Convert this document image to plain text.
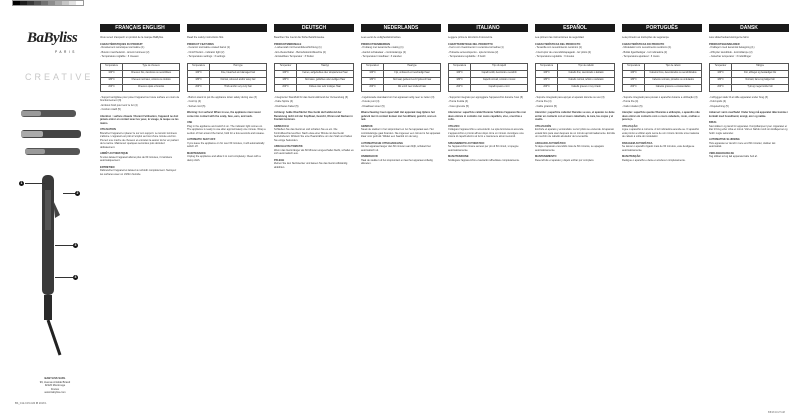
BaByliss
PARIS
CREATIVE
1
2
3
4
BABYLISS SARL
99, Avenue Aristide Briand
92120 Montrouge
France
www.babyliss.com
FRANÇAIS ENGLISH

Vous venez d'acquérir un produit de la marque BaByliss.

CARACTÉRISTIQUES DU PRODUIT

- Revêtement céramique tourmaline (1)

- Bouton marche/arrêt - témoin lumineux (2)

- Température réglable : 3 niveaux

Température	Type de cheveux
160°C	Cheveux fins, décolorés ou sensibilisés
180°C	Cheveux normaux, colorés ou ondulés
200°C	Cheveux épais et bouclés

- Support antiglisse pour poser l'appareil sur toute surface en cours de fonctionnement (3)

- Embout froid pour tenir le fer (4)

- Cordon rotatif (5)

Attention : surface chaude ! Durant l'utilisation, l'appareil ne doit jamais entrer en contact avec les yeux, le visage, la nuque ou les mains.

UTILISATION

Branchez l'appareil et placez le sur son support. Le témoin lumineux s'allume. L'appareil est prêt à l'emploi au bout d'une minute environ. Prenez une mèche de cheveux et enroulez-la autour du fer en partant de la racine. Maintenez quelques secondes puis déroulez délicatement.

ARRÊT AUTOMATIQUE

Si vous laissez l'appareil allumé plus de 60 minutes, il s'arrêtera automatiquement.

ENTRETIEN

Débranchez l'appareil et laissez-le refroidir complètement. Nettoyez les surfaces avec un chiffon humide.

Read the safety instructions first.

PRODUCT FEATURES

- Ceramic tourmaline coated barrel (1)

- On/off button - indicator light (2)

- Temperature settings : 3 settings

Temperature	Hair type
160°C	Fine, bleached and damaged hair
180°C	Normal, coloured and/or wavy hair
200°C	Thick and/or very curly hair

- Built-in stand to put the appliance down safely during use (3)

- Cool tip (4)

- Swivel cord (5)

Warning: hot surface! When in use, the appliance must never come into contact with the scalp, face, ears, and neck.

USE

Plug in the appliance and switch it on. The indicator light comes on. The appliance is ready to use after approximately one minute. Wrap a section of hair around the barrel, hold for a few seconds and release.

AUTOMATIC SHUT-OFF

If you leave the appliance on for over 60 minutes, it will automatically switch off.

MAINTENANCE

Unplug the appliance and allow it to cool completely. Clean with a damp cloth.

DEUTSCH

Beachten Sie zuerst die Sicherheitshinweise.

PRODUKTMERKMALE

- Lockenstab mit Keramikbeschichtung (1)

- Ein-/Ausschalter - Betriebskontrollleuchte (2)

- Einstellbare Temperatur : 3 Stufen

Temperatur	Haartyp
160°C	Feines, aufgehelltes oder strapaziertes Haar
180°C	Normales, gefärbtes oder welliges Haar
200°C	Dickes oder sehr lockiges Haar

- Integrierter Standfuß für das Gerät während der Verwendung (3)

- Kalte Spitze (4)

- Drehbares Kabel (5)

Achtung: heiße Oberfläche! Das Gerät darf während der Benutzung nicht mit der Kopfhaut, Gesicht, Ohren und Nacken in Kontakt kommen.

GEBRAUCH

Schließen Sie das Gerät an und schalten Sie es ein. Die Kontrollleuchte leuchtet. Nach etwa einer Minute ist das Gerät betriebsbereit. Wickeln Sie eine Haarsträhne um den Stab und halten Sie einige Sekunden.

ABSCHALTAUTOMATIK

Wenn das Gerät länger als 60 Minuten eingeschaltet bleibt, schaltet es sich automatisch aus.

PFLEGE

Ziehen Sie den Netzstecker und lassen Sie das Gerät vollständig abkühlen.

NEDERLANDS

Lees eerst de veiligheidsinstructies.

PRODUCTKENMERKEN

- Krultang met keramische coating (1)

- Aan/uit schakelaar - controlelampje (2)

- Temperatuur instelbaar : 3 standen

Temperatuur	Haartype
160°C	Fijn, ontkleurd en beschadigd haar
180°C	Normaal, gekleurd en/of golvend haar
200°C	Dik en/of zeer krullend haar

- Ingebouwde standaard om het apparaat veilig neer te zetten (3)

- Koude punt (4)

- Draaibaar snoer (5)

Waarschuwing: heet oppervlak! Het apparaat mag tijdens het gebruik niet in contact komen met hoofdhuid, gezicht, oren en nek.

GEBRUIK

Steek de stekker in het stopcontact en zet het apparaat aan. Het controlelampje gaat branden. Na ongeveer een minuut is het apparaat klaar voor gebruik. Wikkel een haarlok om de tang.

AUTOMATISCHE UITSCHAKELING

Als het apparaat langer dan 60 minuten aan blijft, schakelt het automatisch uit.

ONDERHOUD

Haal de stekker uit het stopcontact en laat het apparaat volledig afkoelen.

ITALIANO

Leggere prima le istruzioni di sicurezza.

CARATTERISTICHE DEL PRODOTTO

- Ferro con rivestimento in ceramica tormalina (1)

- Pulsante acceso/spento - spia luminosa (2)

- Temperatura regolabile : 3 livelli

Temperatura	Tipo di capelli
160°C	Capelli sottili, decolorati e sensibili
180°C	Capelli normali, colorati o mossi
200°C	Capelli spessi e ricci

- Supporto integrato per appoggiare l'apparecchio durante l'uso (3)

- Punta fredda (4)

- Cavo girevole (5)

Attenzione: superficie calda! Durante l'utilizzo l'apparecchio non deve entrare in contatto con cuoio capelluto, viso, orecchie e collo.

UTILIZZO

Collegare l'apparecchio e accenderlo. La spia luminosa si accende. L'apparecchio è pronto all'uso dopo circa un minuto. Avvolgere una ciocca di capelli attorno al ferro e mantenere alcuni secondi.

SPEGNIMENTO AUTOMATICO

Se l'apparecchio rimane acceso per più di 60 minuti, si spegne automaticamente.

MANUTENZIONE

Scollegare l'apparecchio e lasciarlo raffreddare completamente.

ESPAÑOL

Lea primero las instrucciones de seguridad.

CARACTERÍSTICAS DEL PRODUCTO

- Tenacilla con revestimiento cerámico (1)

- Interruptor de encendido/apagado - luz piloto (2)

- Temperatura regulable : 3 niveles

Temperatura	Tipo de cabello
160°C	Cabello fino, decolorado o dañado
180°C	Cabello normal, teñido u ondulado
200°C	Cabello grueso o muy rizado

- Soporte integrado para apoyar el aparato durante su uso (3)

- Punta fría (4)

- Cable giratorio (5)

Atención: ¡superficie caliente! Durante su uso, el aparato no debe entrar en contacto con el cuero cabelludo, la cara, las orejas y el cuello.

UTILIZACIÓN

Enchufe el aparato y enciéndalo. La luz piloto se enciende. El aparato estará listo para usar después de un minuto aproximadamente. Enrolle un mechón de cabello alrededor de la tenacilla.

APAGADO AUTOMÁTICO

Si deja el aparato encendido más de 60 minutos, se apagará automáticamente.

MANTENIMIENTO

Desenchufe el aparato y déjelo enfriar por completo.

PORTUGUÊS

Leia primeiro as instruções de segurança.

CARACTERÍSTICAS DO PRODUTO

- Modelador com revestimento cerâmico (1)

- Botão ligar/desligar - luz indicadora (2)

- Temperatura ajustável : 3 níveis

Temperatura	Tipo de cabelo
160°C	Cabelos finos, descolorados ou sensibilizados
180°C	Cabelos normais, pintados ou ondulados
200°C	Cabelos grossos e encaracolados

- Suporte integrado para pousar o aparelho durante a utilização (3)

- Ponta fria (4)

- Cabo rotativo (5)

Atenção: superfície quente! Durante a utilização, o aparelho não deve entrar em contacto com o couro cabeludo, rosto, orelhas e pescoço.

UTILIZAÇÃO

Ligue o aparelho à corrente. A luz indicadora acende-se. O aparelho está pronto a utilizar após cerca de um minuto. Enrole uma madeixa de cabelo à volta do modelador.

PARAGEM AUTOMÁTICA

Se deixar o aparelho ligado mais de 60 minutos, este desliga-se automaticamente.

MANUTENÇÃO

Desligue o aparelho e deixe-o arrefecer completamente.

DANSK

Læs sikkerhedsanvisningerne først.

PRODUKTEGENSKABER

- Krøllejern med keramisk belægning (1)

- Afbryder tænd/sluk - kontrollampe (2)

- Justerbar temperatur : 3 indstillinger

Temperatur	Hårtype
160°C	Fint, afbleget og beskadiget hår
180°C	Normalt, farvet og bølget hår
200°C	Tykt og meget krøllet hår

- Indbygget stativ til at stille apparatet under brug (3)

- Kold spids (4)

- Drejeledning (5)

Advarsel: varm overflade! Under brug må apparatet ikke komme i kontakt med hovedbund, ansigt, ører og nakke.

BRUG

Sæt stikket i og tænd for apparatet. Kontrollampen lyser. Apparatet er klar til brug efter cirka et minut. Vikl en hårlok rundt om krøllejernet og hold i nogle sekunder.

AUTOMATISK SLUKNING

Hvis apparatet er tændt i mere end 60 minutter, slukker det automatisk.

VEDLIGEHOLDELSE

Tag stikket ud og lad apparatet køle helt af.

BS_C12-C15-C20 IB 2018 1
8/8/18 10:27 AM
